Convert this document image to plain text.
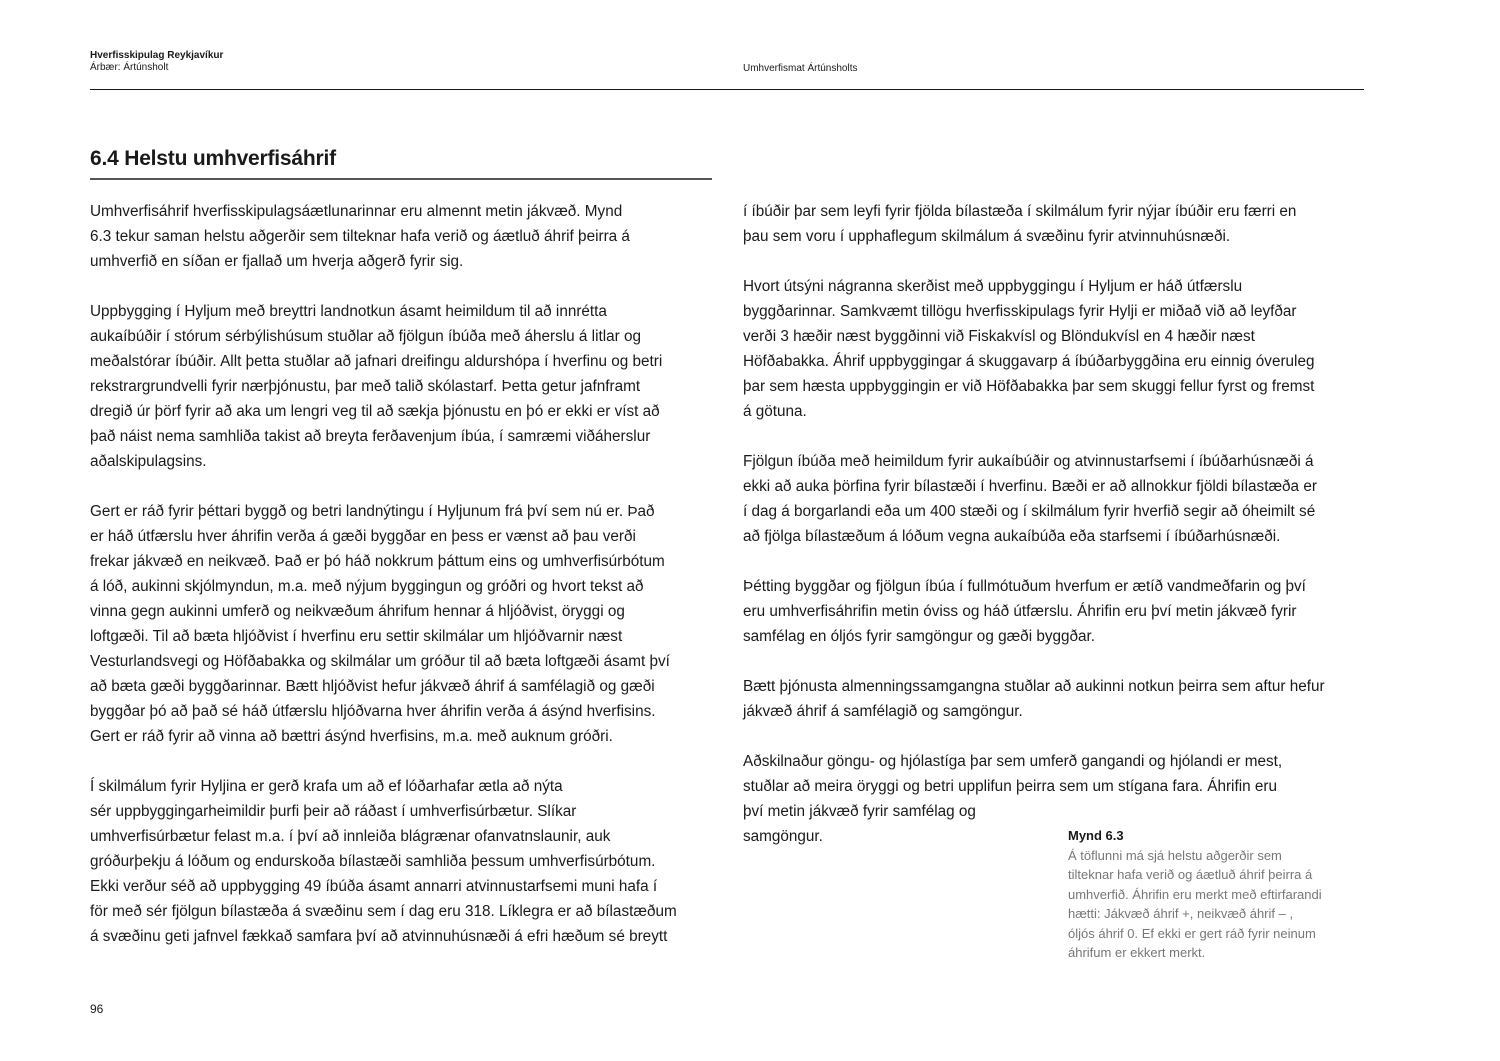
Hverfisskipulag Reykjavíkur
Árbær: Ártúnsholt	Umhverfismat Ártúnsholts
6.4 Helstu umhverfisáhrif

Umhverfisáhrif hverfisskipulagsáætlunarinnar eru almennt metin jákvæð. Mynd
6.3 tekur saman helstu aðgerðir sem tilteknar hafa verið og áætluð áhrif þeirra á
umhverfið en síðan er fjallað um hverja aðgerð fyrir sig.

Uppbygging í Hyljum með breyttri landnotkun ásamt heimildum til að innrétta
aukaíbúðir í stórum sérbýlishúsum stuðlar að fjölgun íbúða með áherslu á litlar og
meðalstórar íbúðir. Allt þetta stuðlar að jafnari dreifingu aldurshópa í hverfinu og betri
rekstrargrundvelli fyrir nærþjónustu, þar með talið skólastarf. Þetta getur jafnframt
dregið úr þörf fyrir að aka um lengri veg til að sækja þjónustu en þó er ekki er víst að
það náist nema samhliða takist að breyta ferðavenjum íbúa, í samræmi viðáherslur
aðalskipulagsins.

Gert er ráð fyrir þéttari byggð og betri landnýtingu í Hyljunum frá því sem nú er. Það
er háð útfærslu hver áhrifin verða á gæði byggðar en þess er vænst að þau verði
frekar jákvæð en neikvæð. Það er þó háð nokkrum þáttum eins og umhverfisúrbótum
á lóð, aukinni skjólmyndun, m.a. með nýjum byggingun og gróðri og hvort tekst að
vinna gegn aukinni umferð og neikvæðum áhrifum hennar á hljóðvist, öryggi og
loftgæði. Til að bæta hljóðvist í hverfinu eru settir skilmálar um hljóðvarnir næst
Vesturlandsvegi og Höfðabakka og skilmálar um gróður til að bæta loftgæði ásamt því
að bæta gæði byggðarinnar. Bætt hljóðvist hefur jákvæð áhrif á samfélagið og gæði
byggðar þó að það sé háð útfærslu hljóðvarna hver áhrifin verða á ásýnd hverfisins.
Gert er ráð fyrir að vinna að bættri ásýnd hverfisins, m.a. með auknum gróðri.

Í skilmálum fyrir Hyljina er gerð krafa um að ef lóðarhafar ætla að nýta
sér uppbyggingarheimildir þurfi þeir að ráðast í umhverfisúrbætur. Slíkar
umhverfisúrbætur felast m.a. í því að innleiða blágrænar ofanvatnslaunir, auk
gróðurþekju á lóðum og endurskoða bílastæði samhliða þessum umhverfisúrbótum.
Ekki verður séð að uppbygging 49 íbúða ásamt annarri atvinnustarfsemi muni hafa í
för með sér fjölgun bílastæða á svæðinu sem í dag eru 318. Líklegra er að bílastæðum
á svæðinu geti jafnvel fækkað samfara því að atvinnuhúsnæði á efri hæðum sé breytt

í íbúðir þar sem leyfi fyrir fjölda bílastæða í skilmálum fyrir nýjar íbúðir eru færri en
þau sem voru í upphaflegum skilmálum á svæðinu fyrir atvinnuhúsnæði.

Hvort útsýni nágranna skerðist með uppbyggingu í Hyljum er háð útfærslu
byggðarinnar. Samkvæmt tillögu hverfisskipulags fyrir Hylji er miðað við að leyfðar
verði 3 hæðir næst byggðinni við Fiskakvísl og Blöndukvísl en 4 hæðir næst
Höfðabakka. Áhrif uppbyggingar á skuggavarp á íbúðarbyggðina eru einnig óveruleg
þar sem hæsta uppbyggingin er við Höfðabakka þar sem skuggi fellur fyrst og fremst
á götuna.

Fjölgun íbúða með heimildum fyrir aukaíbúðir og atvinnustarfsemi í íbúðarhúsnæði á
ekki að auka þörfina fyrir bílastæði í hverfinu. Bæði er að allnokkur fjöldi bílastæða er
í dag á borgarlandi eða um 400 stæði og í skilmálum fyrir hverfið segir að óheimilt sé
að fjölga bílastæðum á lóðum vegna aukaíbúða eða starfsemi í íbúðarhúsnæði.

Þétting byggðar og fjölgun íbúa í fullmótuðum hverfum er ætíð vandmeðfarin og því
eru umhverfisáhrifin metin óviss og háð útfærslu. Áhrifin eru því metin jákvæð fyrir
samfélag en óljós fyrir samgöngur og gæði byggðar.

Bætt þjónusta almenningssamgangna stuðlar að aukinni notkun þeirra sem aftur hefur
jákvæð áhrif á samfélagið og samgöngur.

Aðskilnaður göngu- og hjólastíga þar sem umferð gangandi og hjólandi er mest,
stuðlar að meira öryggi og betri upplifun þeirra sem um stígana fara. Áhrifin eru
því metin jákvæð fyrir samfélag og
samgöngur.	Mynd 6.3
Á töflunni má sjá helstu aðgerðir sem
tilteknar hafa verið og áætluð áhrif þeirra á
umhverfið. Áhrifin eru merkt með eftirfarandi
hætti: Jákvæð áhrif +, neikvæð áhrif – ,
óljós áhrif 0. Ef ekki er gert ráð fyrir neinum
áhrifum er ekkert merkt.
96
